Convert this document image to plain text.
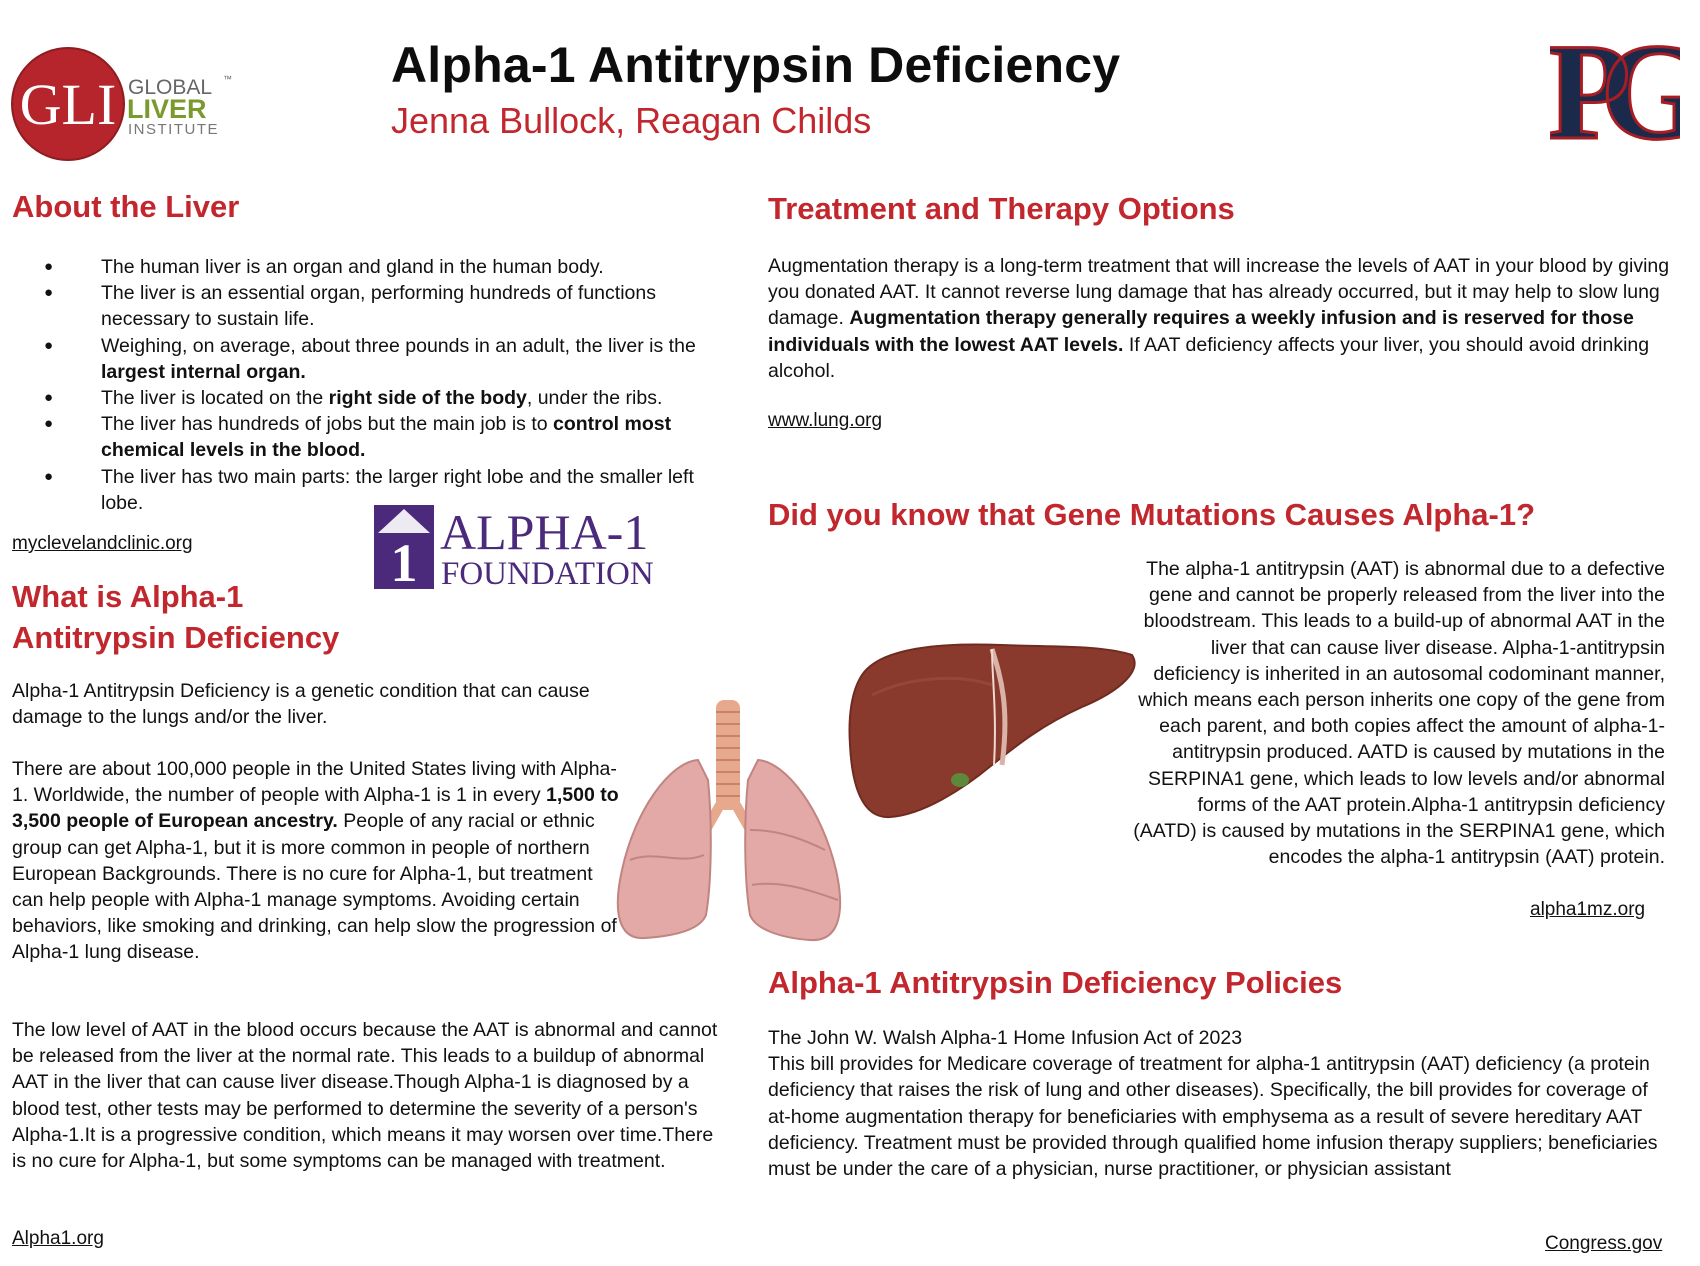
GLI GLOBAL ™
LIVER
INSTITUTE
Alpha-1 Antitrypsin Deficiency
Jenna Bullock, Reagan Childs	PG
About the Liver
● The human liver is an organ and gland in the human body.
● The liver is an essential organ, performing hundreds of functions necessary to sustain life.
● Weighing, on average, about three pounds in an adult, the liver is the largest internal organ.
● The liver is located on the right side of the body, under the ribs.
● The liver has hundreds of jobs but the main job is to control most chemical levels in the blood.
● The liver has two main parts: the larger right lobe and the smaller left lobe.
myclevelandclinic.org	1
ALPHA-1
FOUNDATION
What is Alpha-1 Antitrypsin Deficiency

Alpha-1 Antitrypsin Deficiency is a genetic condition that can cause damage to the lungs and/or the liver.

There are about 100,000 people in the United States living with Alpha-1. Worldwide, the number of people with Alpha-1 is 1 in every 1,500 to 3,500 people of European ancestry. People of any racial or ethnic group can get Alpha-1, but it is more common in people of northern European Backgrounds. There is no cure for Alpha-1, but treatment can help people with Alpha-1 manage symptoms. Avoiding certain behaviors, like smoking and drinking, can help slow the progression of Alpha-1 lung disease.

The low level of AAT in the blood occurs because the AAT is abnormal and cannot be released from the liver at the normal rate. This leads to a buildup of abnormal AAT in the liver that can cause liver disease.Though Alpha-1 is diagnosed by a blood test, other tests may be performed to determine the severity of a person's Alpha-1.It is a progressive condition, which means it may worsen over time.There is no cure for Alpha-1, but some symptoms can be managed with treatment.

Alpha1.org
Treatment and Therapy Options

Augmentation therapy is a long-term treatment that will increase the levels of AAT in your blood by giving you donated AAT. It cannot reverse lung damage that has already occurred, but it may help to slow lung damage. Augmentation therapy generally requires a weekly infusion and is reserved for those individuals with the lowest AAT levels. If AAT deficiency affects your liver, you should avoid drinking alcohol.

www.lung.org
Did you know that Gene Mutations Causes Alpha-1?
The alpha-1 antitrypsin (AAT) is abnormal due to a defective gene and cannot be properly released from the liver into the bloodstream. This leads to a build-up of abnormal AAT in the liver that can cause liver disease. Alpha-1-antitrypsin deficiency is inherited in an autosomal codominant manner, which means each person inherits one copy of the gene from each parent, and both copies affect the amount of alpha-1-antitrypsin produced. AATD is caused by mutations in the SERPINA1 gene, which leads to low levels and/or abnormal forms of the AAT protein.Alpha-1 antitrypsin deficiency (AATD) is caused by mutations in the SERPINA1 gene, which encodes the alpha-1 antitrypsin (AAT) protein.
alpha1mz.org
Alpha-1 Antitrypsin Deficiency Policies
The John W. Walsh Alpha-1 Home Infusion Act of 2023
This bill provides for Medicare coverage of treatment for alpha-1 antitrypsin (AAT) deficiency (a protein deficiency that raises the risk of lung and other diseases). Specifically, the bill provides for coverage of at-home augmentation therapy for beneficiaries with emphysema as a result of severe hereditary AAT deficiency. Treatment must be provided through qualified home infusion therapy suppliers; beneficiaries must be under the care of a physician, nurse practitioner, or physician assistant
Congress.gov
